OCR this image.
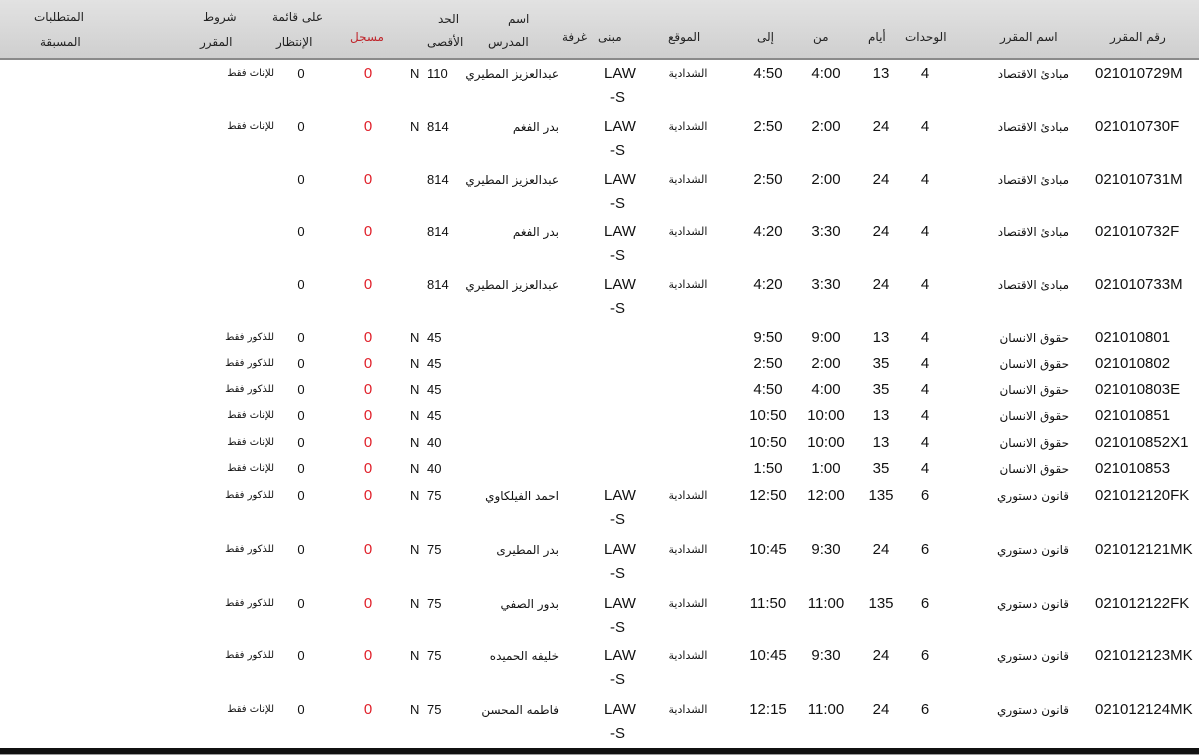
رقم المقرر
اسم المقرر
الوحدات
أيام
من
إلى
الموقع
مبنى
غرفة
اسم
المدرس
الحد
الأقصى
مسجل
على قائمة
الإنتظار
شروط
المقرر
المتطلبات
المسبقة
021010729M
مبادئ الاقتصاد
4
13
4:00
4:50
الشدادية
LAW
عبدالعزيز المطيري
110
N
0
0
للإناث فقط
-S
021010730F
مبادئ الاقتصاد
4
24
2:00
2:50
الشدادية
LAW
بدر الفغم
814
N
0
0
للإناث فقط
-S
021010731M
مبادئ الاقتصاد
4
24
2:00
2:50
الشدادية
LAW
عبدالعزيز المطيري
814
0
0
-S
021010732F
مبادئ الاقتصاد
4
24
3:30
4:20
الشدادية
LAW
بدر الفغم
814
0
0
-S
021010733M
مبادئ الاقتصاد
4
24
3:30
4:20
الشدادية
LAW
عبدالعزيز المطيري
814
0
0
-S
021010801
حقوق الانسان
4
13
9:00
9:50
45
N
0
0
للذكور فقط
021010802
حقوق الانسان
4
35
2:00
2:50
45
N
0
0
للذكور فقط
021010803E
حقوق الانسان
4
35
4:00
4:50
45
N
0
0
للذكور فقط
021010851
حقوق الانسان
4
13
10:00
10:50
45
N
0
0
للإناث فقط
021010852X1
حقوق الانسان
4
13
10:00
10:50
40
N
0
0
للإناث فقط
021010853
حقوق الانسان
4
35
1:00
1:50
40
N
0
0
للإناث فقط
021012120FK
قانون دستوري
6
135
12:00
12:50
الشدادية
LAW
احمد الفيلكاوي
75
N
0
0
للذكور فقط
-S
021012121MK
قانون دستوري
6
24
9:30
10:45
الشدادية
LAW
بدر المطيرى
75
N
0
0
للذكور فقط
-S
021012122FK
قانون دستوري
6
135
11:00
11:50
الشدادية
LAW
بدور الصفي
75
N
0
0
للذكور فقط
-S
021012123MK
قانون دستوري
6
24
9:30
10:45
الشدادية
LAW
خليفه الحميده
75
N
0
0
للذكور فقط
-S
021012124MK
قانون دستوري
6
24
11:00
12:15
الشدادية
LAW
فاطمه المحسن
75
N
0
0
للإناث فقط
-S
